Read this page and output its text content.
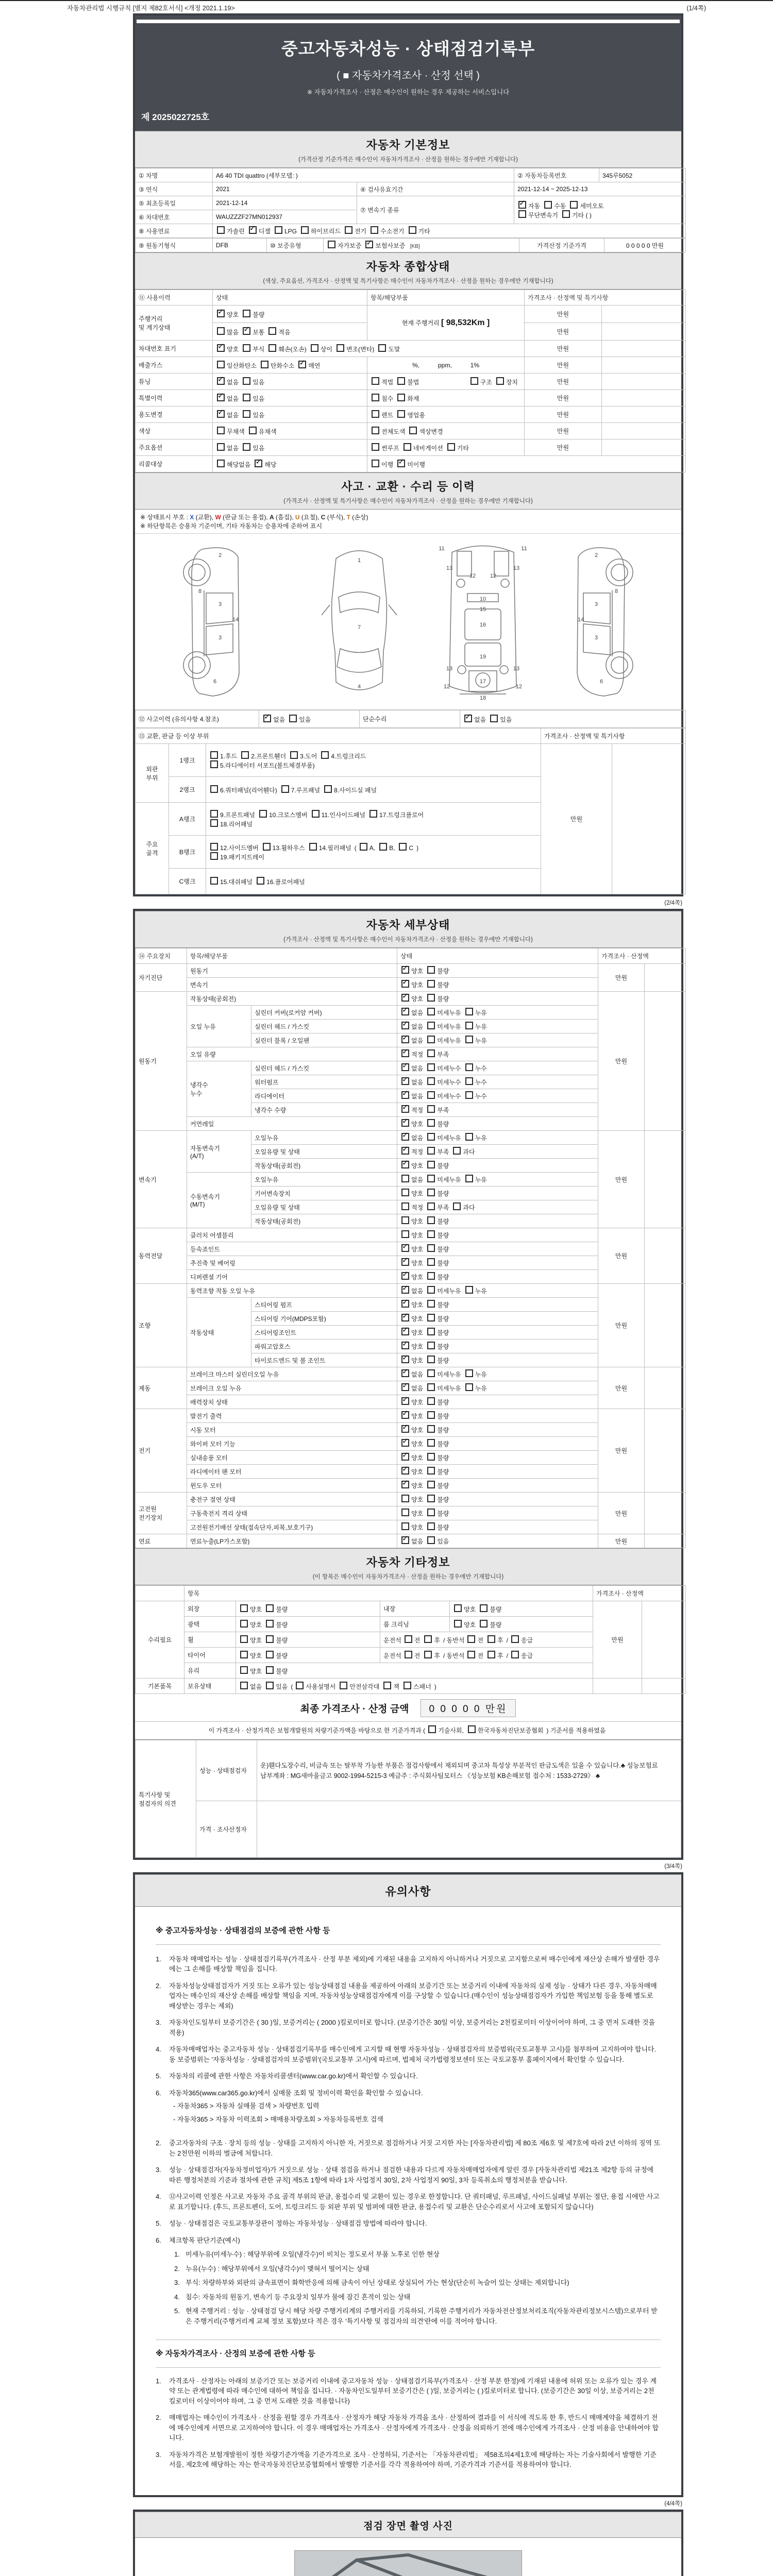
자동차관리법 시행규칙 [별지 제82호서식] <개정 2021.1.19>	(1/4쪽)
중고자동차성능 · 상태점검기록부
( ■ 자동차가격조사 · 산정 선택 )
※ 자동차가격조사 · 산정은 매수인이 원하는 경우 제공하는 서비스입니다
제 2025022725호
자동차 기본정보
(가격산정 기준가격은 매수인이 자동차가격조사 · 산정을 원하는 경우에만 기재합니다)
① 차명	A6 40 TDI quattro (세부모델: )		② 자동차등록번호	345루5052
③ 연식	2021	④ 검사유효기간	2021-12-14 ~ 2025-12-13	
⑤ 최초등록일	2021-12-14	⑦ 변속기 종류	✓자동 수동 세미오토
무단변속기 기타 ( )
⑥ 차대번호	WAUZZZF27MN012937			
⑧ 사용연료	가솔린 ✓ 디젤 LPG 하이브리드 전기 수소전기 기타
⑨ 원동기형식	DFB	⑩ 보증유형	자가보증 ✓ 보험사보증 [KB]	가격산정 기준가격	0 0 0 0 0 만원
자동차 종합상태
(색상, 주요옵션, 가격조사 · 산정액 및 특기사항은 매수인이 자동차가격조사 · 산정을 원하는 경우에만 기재합니다)
⑪ 사용이력	상태	항목/해당부품	가격조사 · 산정액 및 특기사항	
주행거리
및 계기상태	✓양호 불량	현재 주행거리 [ 98,532Km ]	만원	
	많음 ✓ 보통 적음		만원	
차대번호 표기	✓양호 부식 훼손(오손) 상이 변조(변타) 도말		만원	
배출가스	일산화탄소 탄화수소 ✓ 매연	%,   ppm,   1%	만원	
튜닝	✓없음 있음	적법 불법 구조 장치	만원	
특별이력	✓없음 있음	침수 화재	만원	
용도변경	✓없음 있음	렌트 영업용	만원	
색상	무채색 유채색	전체도색 색상변경	만원	
주요옵션	없음 있음	썬루프 네비게이션 기타	만원	
리콜대상	해당없음 ✓ 해당	이행 ✓ 미이행
사고 · 교환 · 수리 등 이력
(가격조사 · 산정액 및 특기사항은 매수인이 자동차가격조사 · 산정을 원하는 경우에만 기재합니다)
※ 상태표시 부호 : X (교환), W (판금 또는 용접), A (흠집), U (요철), C (부식), T (손상)
※ 하단항목은 승용차 기준이며, 기타 자동차는 승용차에 준하여 표시
2
3
3
14
6
8
1
7
4
13	13
12	12
10
15
16
13	13
12	12
17
18
19
11	11
2
3
3
14
6
8
⑫ 사고이력 (유의사항 4.참조)	✓없음 있음	단순수리	✓없음 있음
⑬ 교환, 판금 등 이상 부위			가격조사 · 산정액 및 특기사항	
외판
부위	1랭크	1.후드 2.프론트휀더 3.도어 4.트렁크리드
5.라디에이터 서포트(볼트체결부품)	만원	
	2랭크	6.쿼터패널(리어휀다) 7.루프패널 8.사이드실 패널		
주요
골격	A랭크	9.프론트패널 10.크로스멤버 11.인사이드패널 17.트렁크플로어
18.리어패널		
	B랭크	12.사이드멤버 13.휠하우스 14.필러패널 ( A, B, C )
19.패키지트레이		
	C랭크	15.대쉬패널 16.플로어패널		
(2/4쪽)
자동차 세부상태
(가격조사 · 산정액 및 특기사항은 매수인이 자동차가격조사 · 산정을 원하는 경우에만 기재합니다)
⑭ 주요장치	항목/해당부품		상태	가격조사 · 산정액	
자기진단	원동기	✓양호 불량	만원	
	변속기	✓양호 불량
원동기	작동상태(공회전)	✓양호 불량	만원	
	오일 누유	실린더 커버(로커암 커버)	✓없음 미세누유 누유
		실린더 헤드 / 가스킷	✓없음 미세누유 누유
		실린더 블록 / 오일팬	✓없음 미세누유 누유
	오일 유량	✓적정 부족
	냉각수
누수	실린더 헤드 / 가스킷	✓없음 미세누수 누수
		워터펌프	✓없음 미세누수 누수
		라디에이터	✓없음 미세누수 누수
		냉각수 수량	✓적정 부족
	커먼레일	✓양호 불량
변속기	자동변속기
(A/T)	오일누유	✓없음 미세누유 누유	만원	
		오일유량 및 상태	✓적정 부족 과다
		작동상태(공회전)	✓양호 불량
	수동변속기
(M/T)	오일누유	없음 미세누유 누유		
		기어변속장치	양호 불량		
		오일유량 및 상태	적정 부족 과다		
		작동상태(공회전)	양호 불량		
동력전달	클러치 어셈블리		양호 불량	만원	
	등속죠인트	✓양호 불량
	추진축 및 베어링	✓양호 불량
	디퍼렌셜 기어	✓양호 불량
조향	동력조향 작동 오일 누유	✓없음 미세누유 누유	만원	
	작동상태	스티어링 펌프	✓양호 불량
		스티어링 기어(MDPS포함)	✓양호 불량
		스티어링조인트	✓양호 불량
		파워고압호스	✓양호 불량
		타이로드엔드 및 볼 조인트	✓양호 불량
제동	브레이크 마스터 실린더오일 누유	✓없음 미세누유 누유	만원	
	브레이크 오일 누유	✓없음 미세누유 누유
	배력장치 상태	✓양호 불량
전기	발전기 출력	✓양호 불량	만원	
	시동 모터	✓양호 불량
	와이퍼 모터 기능	✓양호 불량
	실내송풍 모터	✓양호 불량
	라디에이터 팬 모터	✓양호 불량
	윈도우 모터	✓양호 불량
고전원
전기장치	충전구 절연 상태		양호 불량	만원	
	구동축전지 격리 상태		양호 불량		
	고전원전기배선 상태(접속단자,피복,보호기구)		양호 불량		
연료	연료누출(LP가스포함)	✓없음 있음	만원	
자동차 기타정보
(이 항목은 매수인이 자동차가격조사 · 산정을 원하는 경우에만 기재합니다)
	항목				가격조사 · 산정액	
수리필요	외장	양호 불량	내장	양호 불량	만원	
	광택	양호 불량	룸 크리닝	양호 불량		
	휠	양호 불량	운전석 전 후 / 동반석 전 후 / 응급			
	타이어	양호 불량	운전석 전 후 / 동반석 전 후 / 응급			
	유리	양호 불량				
기본품목	보유상태	없음 있음 ( 사용설명서 안전삼각대 잭 스패너 )				
최종 가격조사 · 산정 금액	0 0 0 0 0 만원
이 가격조사 · 산정가격은 보험개발원의 차량기준가액을 바탕으로 한 기준가격과 ( 기술사회, 한국자동차진단보증협회 ) 기준서를 적용하였음
특기사항 및
점검자의 의견	성능 · 상태점검자	운)휀다도장수리, 비금속 또는 탈부착 가능한 부품은 점검사항에서 제외되며 중고차 특성상 부분적인 판금도색은 있을 수 있습니다.♣ 성능보험료 납부계좌 : MG새마을금고 9002-1994-5215-3 예금주 : 주식회사팀모터스 《성능보험 KB손해보험 접수처 : 1533-2729》 ♣
	가격 · 조사산정자	
(3/4쪽)
유의사항
※ 중고자동차성능 · 상태점검의 보증에 관한 사항 등
1.	자동차 매매업자는 성능 · 상태점검기록부(가격조사 · 산정 부분 제외)에 기재된 내용을 고지하지 아니하거나 거짓으로 고지함으로써 매수인에게 재산상 손해가 발생한 경우에는 그 손해를 배상할 책임을 집니다.
2.	자동차성능상태점검자가 거짓 또는 오류가 있는 성능상태점검 내용을 제공하여 아래의 보증기간 또는 보증거리 이내에 자동차의 실제 성능 · 상태가 다른 경우, 자동차매매업자는 매수인의 재산상 손해를 배상할 책임을 지며, 자동차성능상태점검자에게 이를 구상할 수 있습니다.(매수인이 성능상태점검자가 가입한 책임보험 등을 통해 별도로 배상받는 경우는 제외)
3.	자동차인도일부터 보증기간은 ( 30 )일, 보증거리는 ( 2000 )킬로미터로 합니다. (보증기간은 30일 이상, 보증거리는 2천킬로미터 이상이어야 하며, 그 중 먼저 도래한 것을 적용)
4.	자동차매매업자는 중고자동차 성능 · 상태점검기록부를 매수인에게 고지할 때 현행 자동차성능 · 상태점검자의 보증범위(국토교통부 고시)를 첨부하여 고지하여야 합니다. 동 보증범위는 '자동차성능 · 상태점검자의 보증범위'(국토교통부 고시)에 따르며, 법제처 국가법령정보센터 또는 국토교통부 홈페이지에서 확인할 수 있습니다.
5.	자동차의 리콜에 관한 사항은 자동차리콜센터(www.car.go.kr)에서 확인할 수 있습니다.
6.	자동차365(www.car365.go.kr)에서 실매물 조회 및 정비이력 확인을 확인할 수 있습니다.
- 자동차365 > 자동차 실매물 검색 > 차량번호 입력
- 자동차365 > 자동차 이력조회 > 매매용차량조회 > 자동차등록번호 검색
2.	중고자동차의 구조 · 장치 등의 성능 · 상태를 고지하지 아니한 자, 거짓으로 점검하거나 거짓 고지한 자는 [자동차관리법] 제 80조 제6호 및 제7호에 따라 2년 이하의 징역 또는 2천만원 이하의 벌금에 처합니다.
3.	성능 · 상태점검자(자동차정비업자)가 거짓으로 성능 · 상태 점검을 하거나 점검한 내용과 다르게 자동차매매업자에게 알린 경우 [자동차관리법 제21조 제2항 등의 규정에 따른 행정처분의 기준과 절차에 관한 규칙] 제5조 1항에 따라 1차 사업정지 30일, 2차 사업정지 90일, 3차 등록취소의 행정처분을 받습니다.
4.	⑫사고이력 인정은 사고로 자동차 주요 골격 부위의 판금, 용접수리 및 교환이 있는 경우로 한정합니다. 단 쿼터패널, 루프패널, 사이드실패널 부위는 절단, 용접 시에만 사고로 표기합니다. (후드, 프론트펜더, 도어, 트렁크리드 등 외판 부위 및 범퍼에 대한 판금, 용접수리 및 교환은 단순수리로서 사고에 포함되지 않습니다)
5.	성능 · 상태점검은 국토교통부장관이 정하는 자동차성능 · 상태점검 방법에 따라야 합니다.
6.	체크항목 판단기준(예시)
1. 미세누유(미세누수) : 해당부위에 오일(냉각수)이 비치는 정도로서 부품 노후로 인한 현상
2. 누유(누수) : 해당부위에서 오일(냉각수)이 맺혀서 떨어지는 상태
3. 부식: 차량하부와 외판의 금속표면이 화학반응에 의해 금속이 아닌 상태로 상실되어 가는 현상(단순히 녹슬어 있는 상태는 제외합니다)
4. 침수: 자동차의 원동기, 변속기 등 주요장치 일부가 물에 잠긴 흔적이 있는 상태
5. 현재 주행거리 : 성능 · 상태점검 당시 해당 차량 주행거리계의 주행거리를 기록하되, 기록한 주행거리가 자동차전산정보처리조직(자동차관리정보시스템)으로부터 받은 주행거리(주행거리계 교체 정보 포함)보다 적은 경우 '특기사항 및 점검자의 의견'란에 이를 적어야 합니다.
※ 자동차가격조사 · 산정의 보증에 관한 사항 등
1.	가격조사 · 산정자는 아래의 보증기간 또는 보증거리 이내에 중고자동차 성능 · 상태점검기록부(가격조사 · 산정 부분 한정)에 기재된 내용에 허위 또는 오류가 있는 경우 계약 또는 관계법령에 따라 매수인에 대하여 책임을 집니다. · 자동차인도일부터 보증기간은 ( )일, 보증거리는 ( )킬로미터로 합니다. (보증기간은 30일 이상, 보증거리는 2천킬로미터 이상이어야 하며, 그 중 먼저 도래한 것을 적용합니다)
2.	매매업자는 매수인이 가격조사 · 산정을 원할 경우 가격조사 · 산정자가 해당 자동차 가격을 조사 · 산정하여 결과를 이 서식에 적도록 한 후, 반드시 매매계약을 체결하기 전에 매수인에게 서면으로 고지하여야 합니다. 이 경우 매매업자는 가격조사 · 산정자에게 가격조사 · 산정을 의뢰하기 전에 매수인에게 가격조사 · 산정 비용을 안내하여야 합니다.
3.	자동차가격은 보험개발원이 정한 차량기준가액을 기준가격으로 조사 · 산정하되, 기준서는 「자동차관리법」 제58조의4제1호에 해당하는 자는 기술사회에서 발행한 기준서를, 제2호에 해당하는 자는 한국자동차진단보증협회에서 발행한 기준서를 각각 적용하여야 하며, 기준가격과 기준서를 적용하여야 합니다.
(4/4쪽)
점검 장면 촬영 사진
